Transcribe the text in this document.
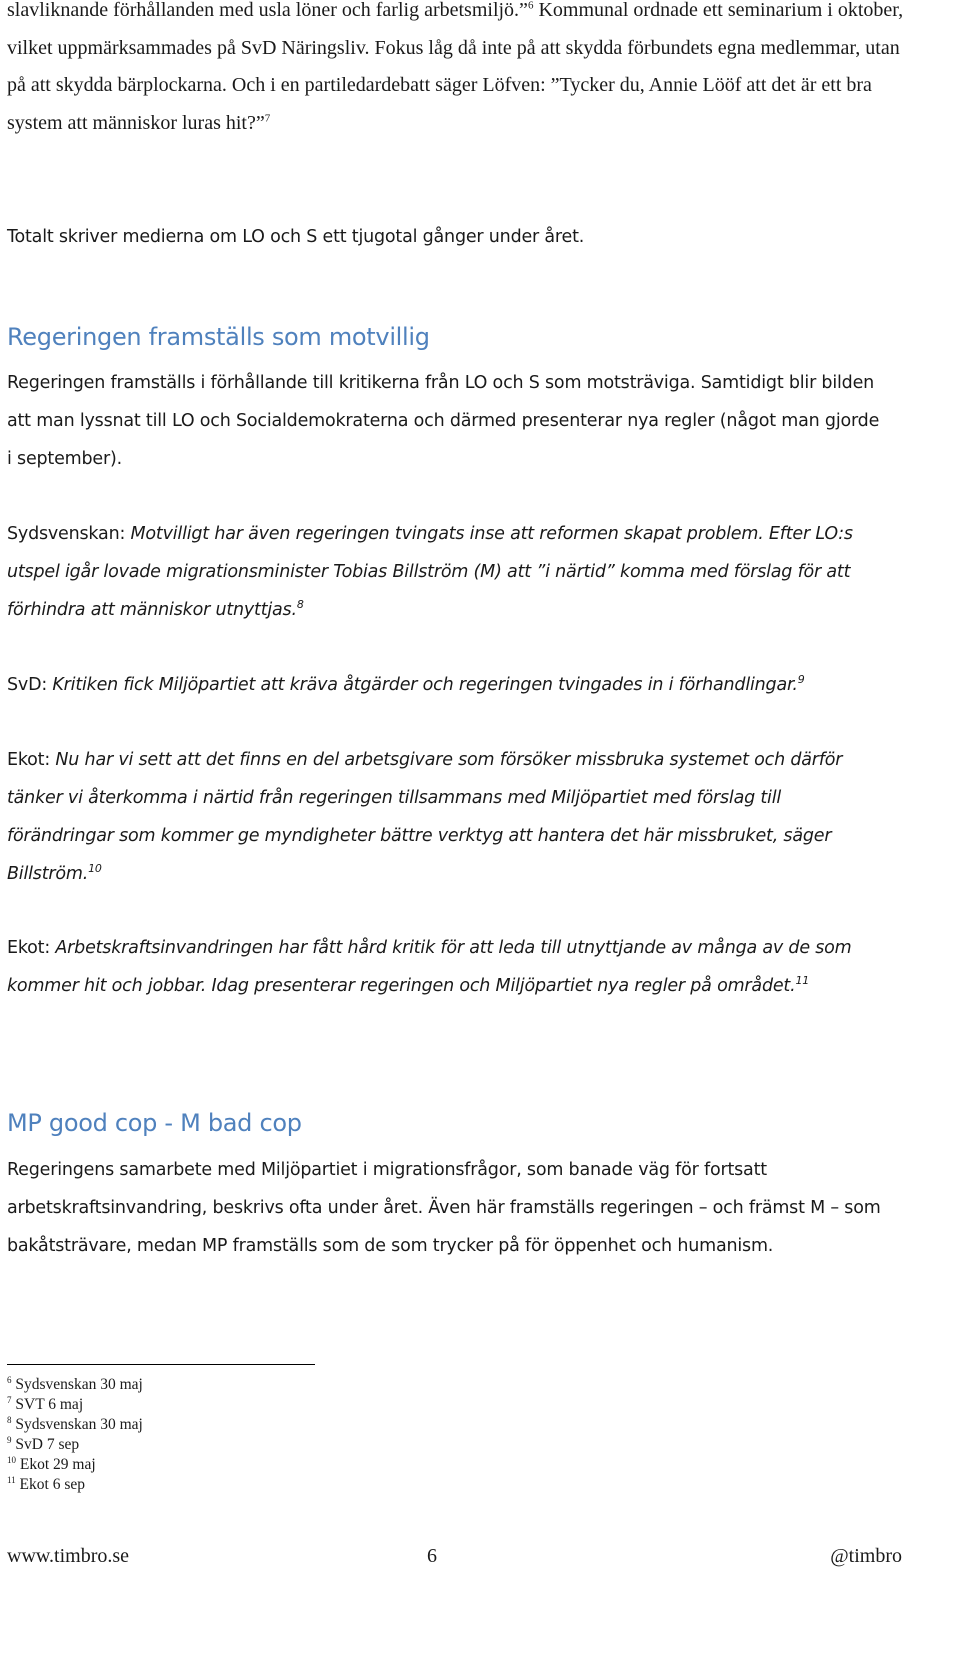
slavliknande förhållanden med usla löner och farlig arbetsmiljö.”$^6$ Kommunal ordnade ett seminarium i oktober, vilket uppmärksammades på SvD Näringsliv. Fokus låg då inte på att skydda förbundets egna medlemmar, utan på att skydda bärplockarna. Och i en partiledardebatt säger Löfven: ”Tycker du, Annie Lööf att det är ett bra system att människor luras hit?”$^7$

Totalt skriver medierna om LO och S ett tjugotal gånger under året.

Regeringen framställs som motvillig

Regeringen framställs i förhållande till kritikerna från LO och S som motsträviga. Samtidigt blir bilden att man lyssnat till LO och Socialdemokraterna och därmed presenterar nya regler (något man gjorde i september).

Sydsvenskan: Motvilligt har även regeringen tvingats inse att reformen skapat problem. Efter LO:s utspel igår lovade migrationsminister Tobias Billström (M) att ”i närtid” komma med förslag för att förhindra att människor utnyttjas.$^8$

SvD: Kritiken fick Miljöpartiet att kräva åtgärder och regeringen tvingades in i förhandlingar.$^9$

Ekot: Nu har vi sett att det finns en del arbetsgivare som försöker missbruka systemet och därför tänker vi återkomma i närtid från regeringen tillsammans med Miljöpartiet med förslag till förändringar som kommer ge myndigheter bättre verktyg att hantera det här missbruket, säger Billström.$^{10}$

Ekot: Arbetskraftsinvandringen har fått hård kritik för att leda till utnyttjande av många av de som kommer hit och jobbar. Idag presenterar regeringen och Miljöpartiet nya regler på området.$^{11}$

MP good cop - M bad cop

Regeringens samarbete med Miljöpartiet i migrationsfrågor, som banade väg för fortsatt arbetskraftsinvandring, beskrivs ofta under året. Även här framställs regeringen – och främst M – som bakåtsträvare, medan MP framställs som de som trycker på för öppenhet och humanism.

$^6$ Sydsvenskan 30 maj
$^7$ SVT 6 maj
$^8$ Sydsvenskan 30 maj
$^9$ SvD 7 sep
$^{10}$ Ekot 29 maj
$^{11}$ Ekot 6 sep
www.timbro.se	6	@timbro
